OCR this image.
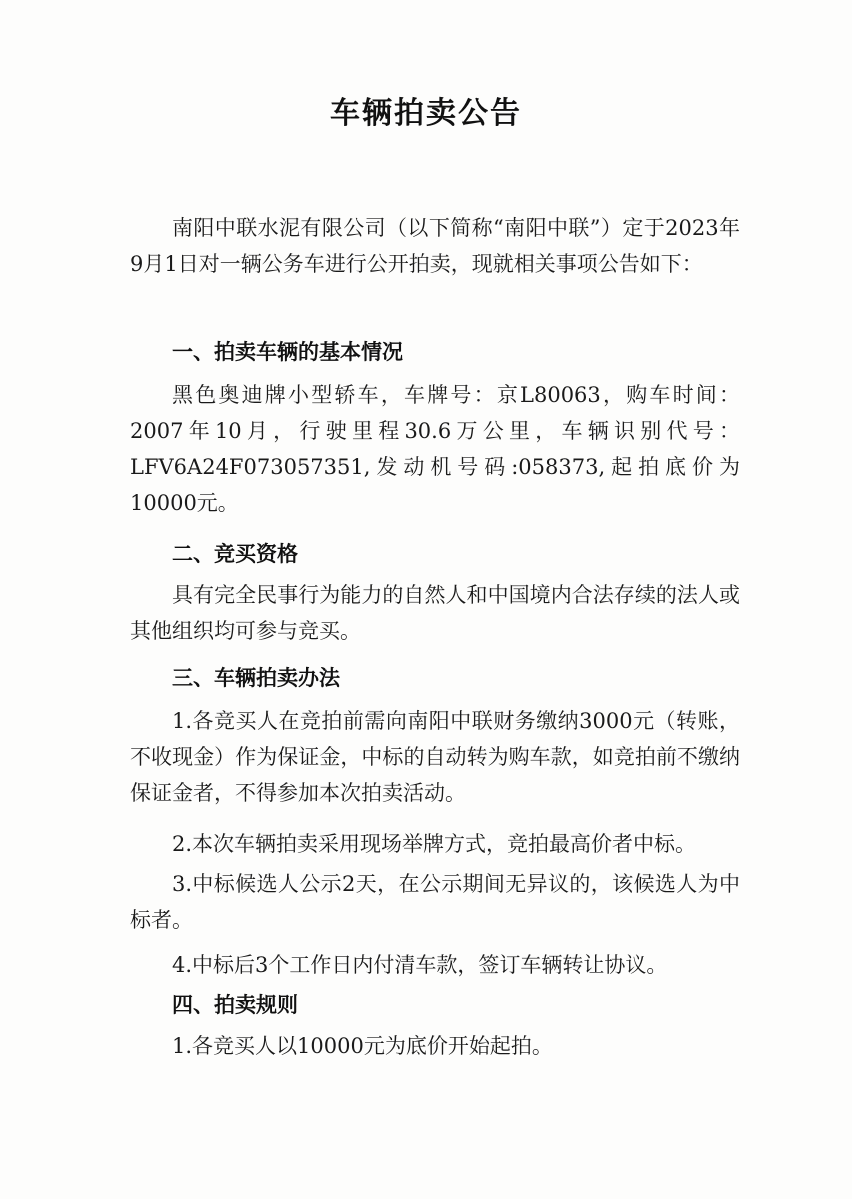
车辆拍卖公告

南阳中联水泥有限公司（以下简称“南阳中联”）定于2023年9月1日对一辆公务车进行公开拍卖，现就相关事项公告如下：

一、拍卖车辆的基本情况

黑色奥迪牌小型轿车，车牌号：京L80063，购车时间：2007年10月，行驶里程30.6万公里，车辆识别代号：LFV6A24F073057351,发动机号码:058373,起拍底价为10000元。

二、竞买资格

具有完全民事行为能力的自然人和中国境内合法存续的法人或其他组织均可参与竞买。

三、车辆拍卖办法

1.各竞买人在竞拍前需向南阳中联财务缴纳3000元（转账，不收现金）作为保证金，中标的自动转为购车款，如竞拍前不缴纳保证金者，不得参加本次拍卖活动。

2.本次车辆拍卖采用现场举牌方式，竞拍最高价者中标。

3.中标候选人公示2天，在公示期间无异议的，该候选人为中标者。

4.中标后3个工作日内付清车款，签订车辆转让协议。
四、拍卖规则
1.各竞买人以10000元为底价开始起拍。
